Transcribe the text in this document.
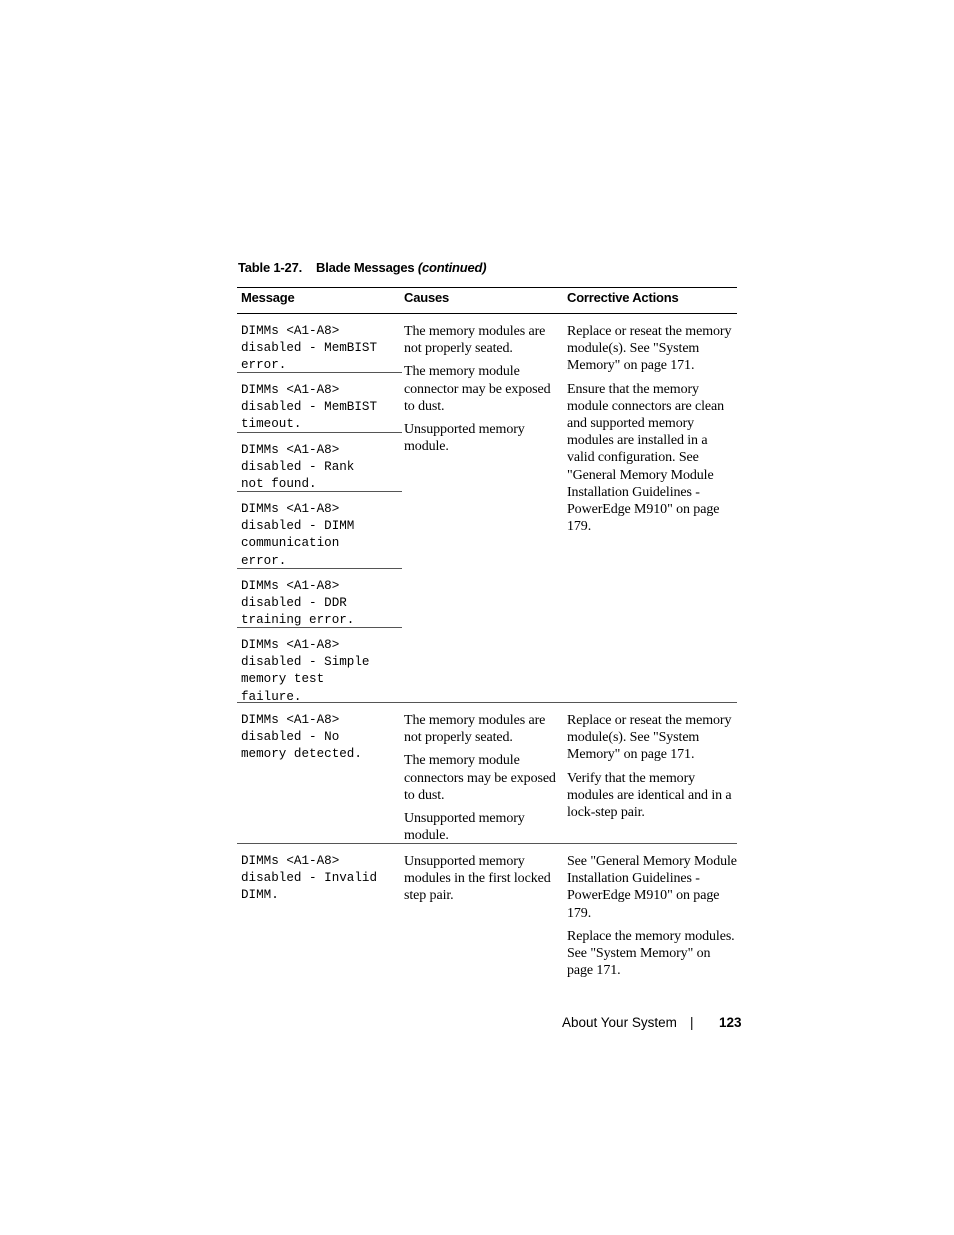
Table 1-27. Blade Messages (continued)
Message	Causes	Corrective Actions
DIMMs <A1-A8>
disabled - MemBIST
error.
DIMMs <A1-A8>
disabled - MemBIST
timeout.
DIMMs <A1-A8>
disabled - Rank
not found.
DIMMs <A1-A8>
disabled - DIMM
communication
error.
DIMMs <A1-A8>
disabled - DDR
training error.
DIMMs <A1-A8>
disabled - Simple
memory test
failure.

The memory modules are not properly seated.

The memory module connector may be exposed to dust.

Unsupported memory module.

Replace or reseat the memory module(s). See "System Memory" on page 171.

Ensure that the memory module connectors are clean and supported memory modules are installed in a valid configuration. See "General Memory Module Installation Guidelines - PowerEdge M910" on page 179.

DIMMs <A1-A8>
disabled - No
memory detected.

The memory modules are not properly seated.

The memory module connectors may be exposed to dust.

Unsupported memory module.

Replace or reseat the memory module(s). See "System Memory" on page 171.

Verify that the memory modules are identical and in a lock-step pair.

DIMMs <A1-A8>
disabled - Invalid
DIMM.

Unsupported memory modules in the first locked step pair.

See "General Memory Module Installation Guidelines - PowerEdge M910" on page 179.

Replace the memory modules. See "System Memory" on page 171.

About Your System | 123
